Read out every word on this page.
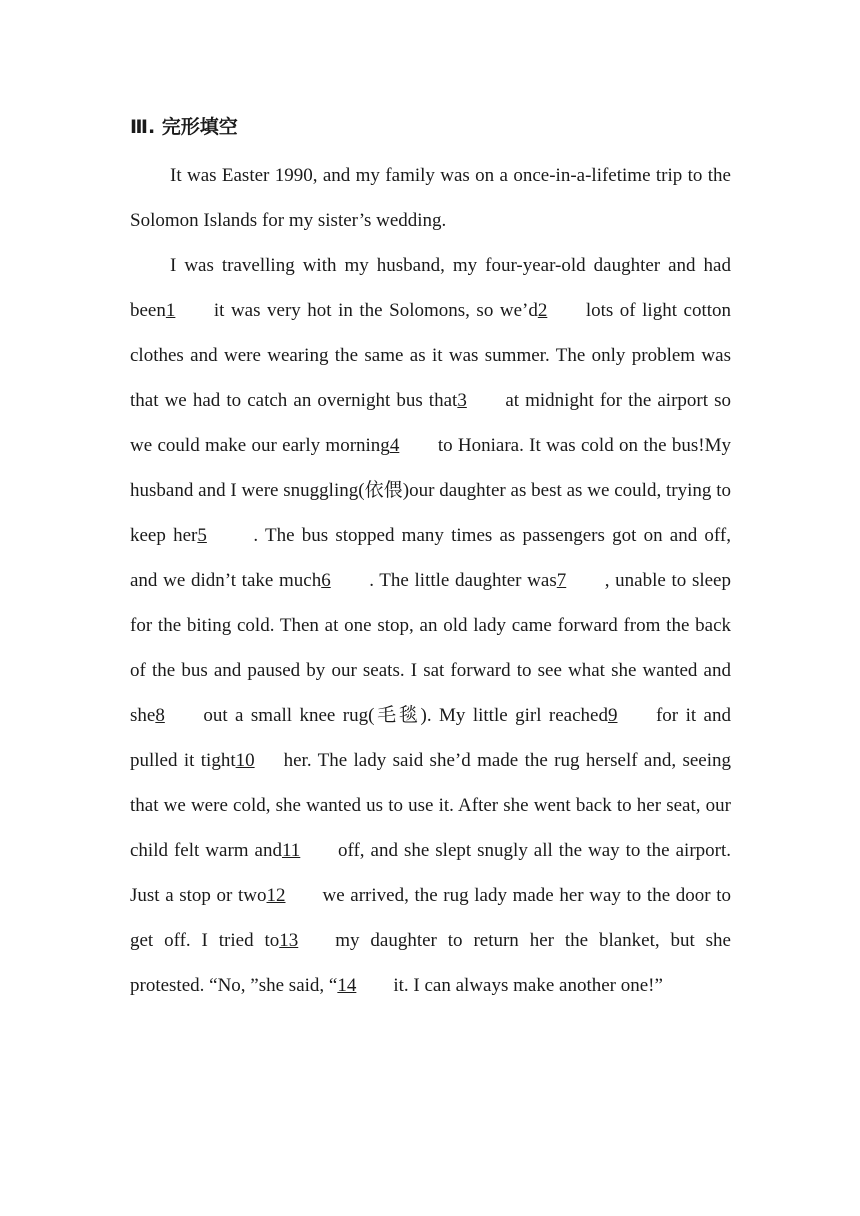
Ⅲ. 完形填空

It was Easter 1990, and my family was on a once-in-a-lifetime trip to the Solomon Islands for my sister’s wedding.

I was travelling with my husband, my four-year-old daughter and had been1 it was very hot in the Solomons, so we’d2 lots of light cotton clothes and were wearing the same as it was summer. The only problem was that we had to catch an overnight bus that3 at midnight for the airport so we could make our early morning4 to Honiara. It was cold on the bus!My husband and I were snuggling(依偎)our daughter as best as we could, trying to keep her5 . The bus stopped many times as passengers got on and off, and we didn’t take much6 . The little daughter was7 , unable to sleep for the biting cold. Then at one stop, an old lady came forward from the back of the bus and paused by our seats. I sat forward to see what she wanted and she8 out a small knee rug(毛毯). My little girl reached9 for it and pulled it tight10 her. The lady said she’d made the rug herself and, seeing that we were cold, she wanted us to use it. After she went back to her seat, our child felt warm and11 off, and she slept snugly all the way to the airport. Just a stop or two12 we arrived, the rug lady made her way to the door to get off. I tried to13 my daughter to return her the blanket, but she protested. “No, ”she said, “14 it. I can always make another one!”
